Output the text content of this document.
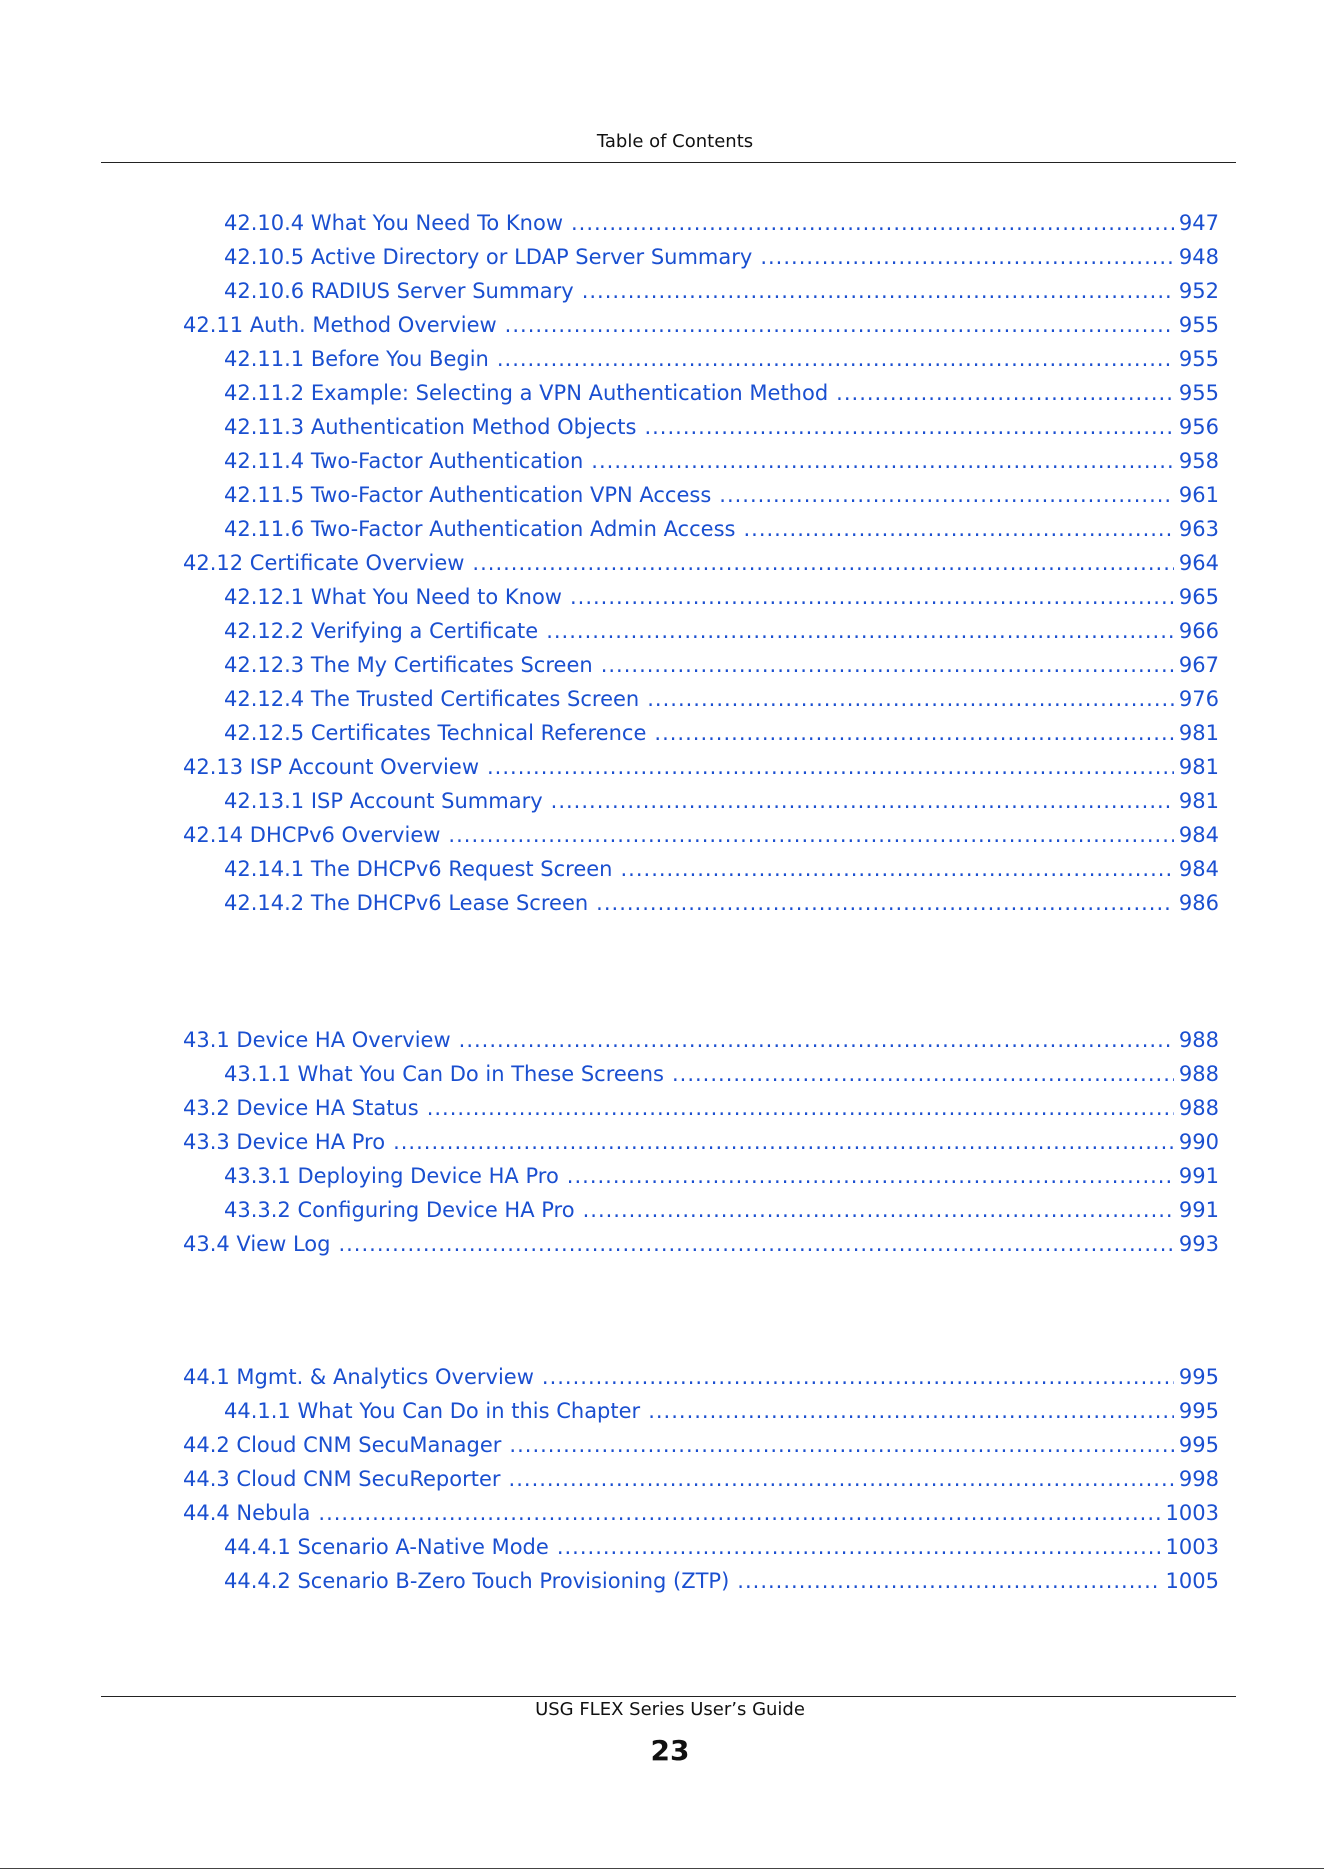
Table of Contents
42.10.4 What You Need To Know .....	947
42.10.5 Active Directory or LDAP Server Summary .....	948
42.10.6 RADIUS Server Summary .....	952
42.11 Auth. Method Overview .....	955
42.11.1 Before You Begin .....	955
42.11.2 Example: Selecting a VPN Authentication Method .....	955
42.11.3 Authentication Method Objects .....	956
42.11.4 Two-Factor Authentication .....	958
42.11.5 Two-Factor Authentication VPN Access .....	961
42.11.6 Two-Factor Authentication Admin Access .....	963
42.12 Certificate Overview .....	964
42.12.1 What You Need to Know .....	965
42.12.2 Verifying a Certificate .....	966
42.12.3 The My Certificates Screen .....	967
42.12.4 The Trusted Certificates Screen .....	976
42.12.5 Certificates Technical Reference .....	981
42.13 ISP Account Overview .....	981
42.13.1 ISP Account Summary .....	981
42.14 DHCPv6 Overview .....	984
42.14.1 The DHCPv6 Request Screen .....	984
42.14.2 The DHCPv6 Lease Screen .....	986
43.1 Device HA Overview .....	988
43.1.1 What You Can Do in These Screens .....	988
43.2 Device HA Status .....	988
43.3 Device HA Pro .....	990
43.3.1 Deploying Device HA Pro .....	991
43.3.2 Configuring Device HA Pro .....	991
43.4 View Log .....	993
44.1 Mgmt. & Analytics Overview .....	995
44.1.1 What You Can Do in this Chapter .....	995
44.2 Cloud CNM SecuManager .....	995
44.3 Cloud CNM SecuReporter .....	998
44.4 Nebula .....	1003
44.4.1 Scenario A-Native Mode .....	1003
44.4.2 Scenario B-Zero Touch Provisioning (ZTP) .....	1005
USG FLEX Series User’s Guide
23
